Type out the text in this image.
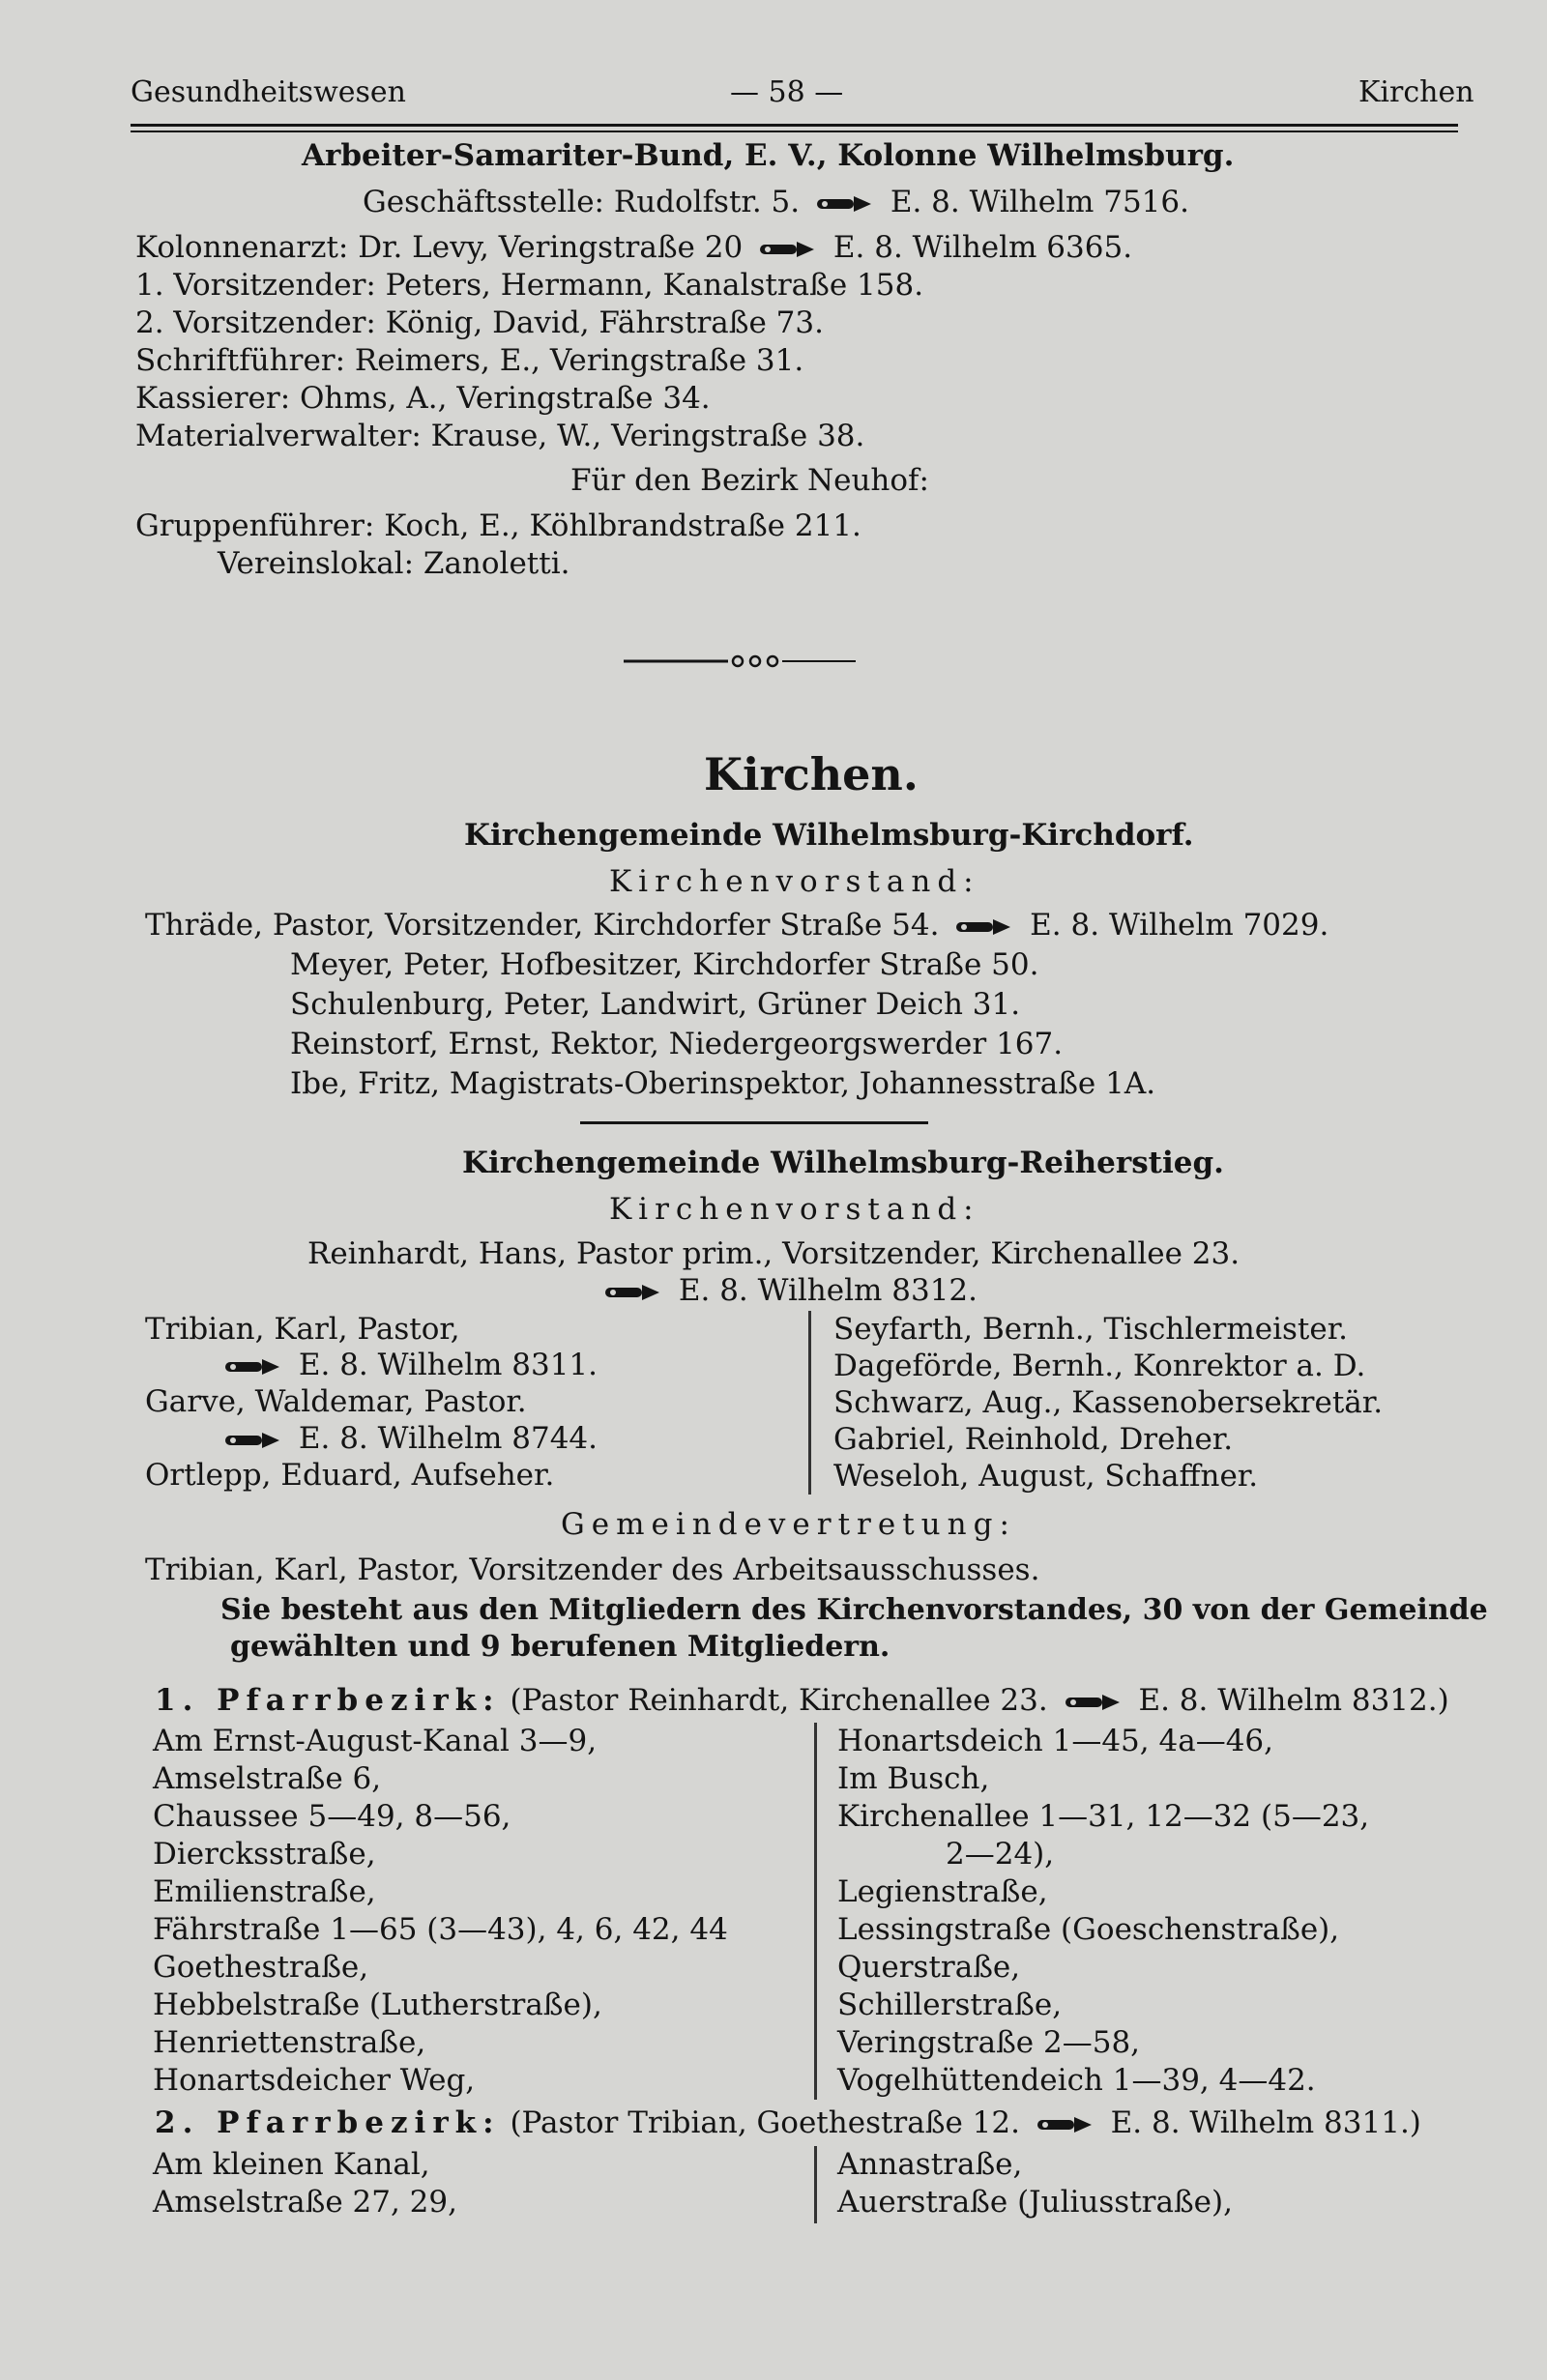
Gesundheitswesen	— 58 —	Kirchen
Arbeiter-Samariter-Bund, E. V., Kolonne Wilhelmsburg.
Geschäftsstelle: Rudolfstr. 5.	E. 8. Wilhelm 7516.
Kolonnenarzt: Dr. Levy, Veringstraße 20	E. 8. Wilhelm 6365.
1. Vorsitzender: Peters, Hermann, Kanalstraße 158.
2. Vorsitzender: König, David, Fährstraße 73.
Schriftführer: Reimers, E., Veringstraße 31.
Kassierer: Ohms, A., Veringstraße 34.
Materialverwalter: Krause, W., Veringstraße 38.
Für den Bezirk Neuhof:
Gruppenführer: Koch, E., Köhlbrandstraße 211.
Vereinslokal: Zanoletti.
Kirchen.
Kirchengemeinde Wilhelmsburg-Kirchdorf.
Kirchenvorstand:
Thräde, Pastor, Vorsitzender, Kirchdorfer Straße 54.	E. 8. Wilhelm 7029.
Meyer, Peter, Hofbesitzer, Kirchdorfer Straße 50.
Schulenburg, Peter, Landwirt, Grüner Deich 31.
Reinstorf, Ernst, Rektor, Niedergeorgswerder 167.
Ibe, Fritz, Magistrats-Oberinspektor, Johannesstraße 1A.
Kirchengemeinde Wilhelmsburg-Reiherstieg.
Kirchenvorstand:
Reinhardt, Hans, Pastor prim., Vorsitzender, Kirchenallee 23.
E. 8. Wilhelm 8312.
Tribian, Karl, Pastor,
E. 8. Wilhelm 8311.
Garve, Waldemar, Pastor.
E. 8. Wilhelm 8744.
Ortlepp, Eduard, Aufseher.
Seyfarth, Bernh., Tischlermeister.
Dageförde, Bernh., Konrektor a. D.
Schwarz, Aug., Kassenobersekretär.
Gabriel, Reinhold, Dreher.
Weseloh, August, Schaffner.
Gemeindevertretung:
Tribian, Karl, Pastor, Vorsitzender des Arbeitsausschusses.
Sie besteht aus den Mitgliedern des Kirchenvorstandes, 30 von der Gemeinde
gewählten und 9 berufenen Mitgliedern.
1. Pfarrbezirk: (Pastor Reinhardt, Kirchenallee 23.	E. 8. Wilhelm 8312.)
Am Ernst-August-Kanal 3—9,
Amselstraße 6,
Chaussee 5—49, 8—56,
Diercksstraße,
Emilienstraße,
Fährstraße 1—65 (3—43), 4, 6, 42, 44
Goethestraße,
Hebbelstraße (Lutherstraße),
Henriettenstraße,
Honartsdeicher Weg,
Honartsdeich 1—45, 4a—46,
Im Busch,
Kirchenallee 1—31, 12—32 (5—23,
2—24),
Legienstraße,
Lessingstraße (Goeschenstraße),
Querstraße,
Schillerstraße,
Veringstraße 2—58,
Vogelhüttendeich 1—39, 4—42.
2. Pfarrbezirk: (Pastor Tribian, Goethestraße 12.	E. 8. Wilhelm 8311.)
Am kleinen Kanal,
Amselstraße 27, 29,
Annastraße,
Auerstraße (Juliusstraße),
